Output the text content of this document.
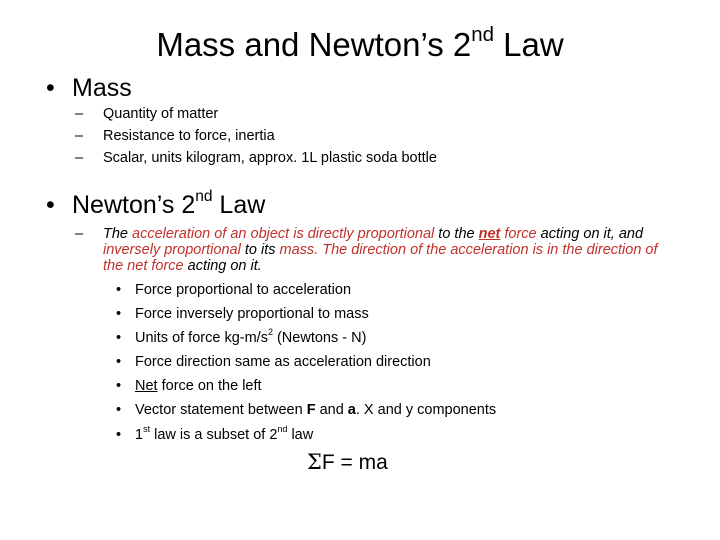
Mass and Newton’s 2nd Law
• Mass
– Quantity of matter
– Resistance to force, inertia
– Scalar, units kilogram, approx. 1L plastic soda bottle
• Newton’s 2nd Law
– The acceleration of an object is directly proportional to the net force acting on it, and inversely proportional to its mass. The direction of the acceleration is in the direction of the net force acting on it.
• Force proportional to acceleration
• Force inversely proportional to mass
• Units of force $kg-m/s^2$ (Newtons - N)
• Force direction same as acceleration direction
• Net force on the left
• Vector statement between F and a. X and y components
• 1st law is a subset of 2nd law
ΣF = ma
